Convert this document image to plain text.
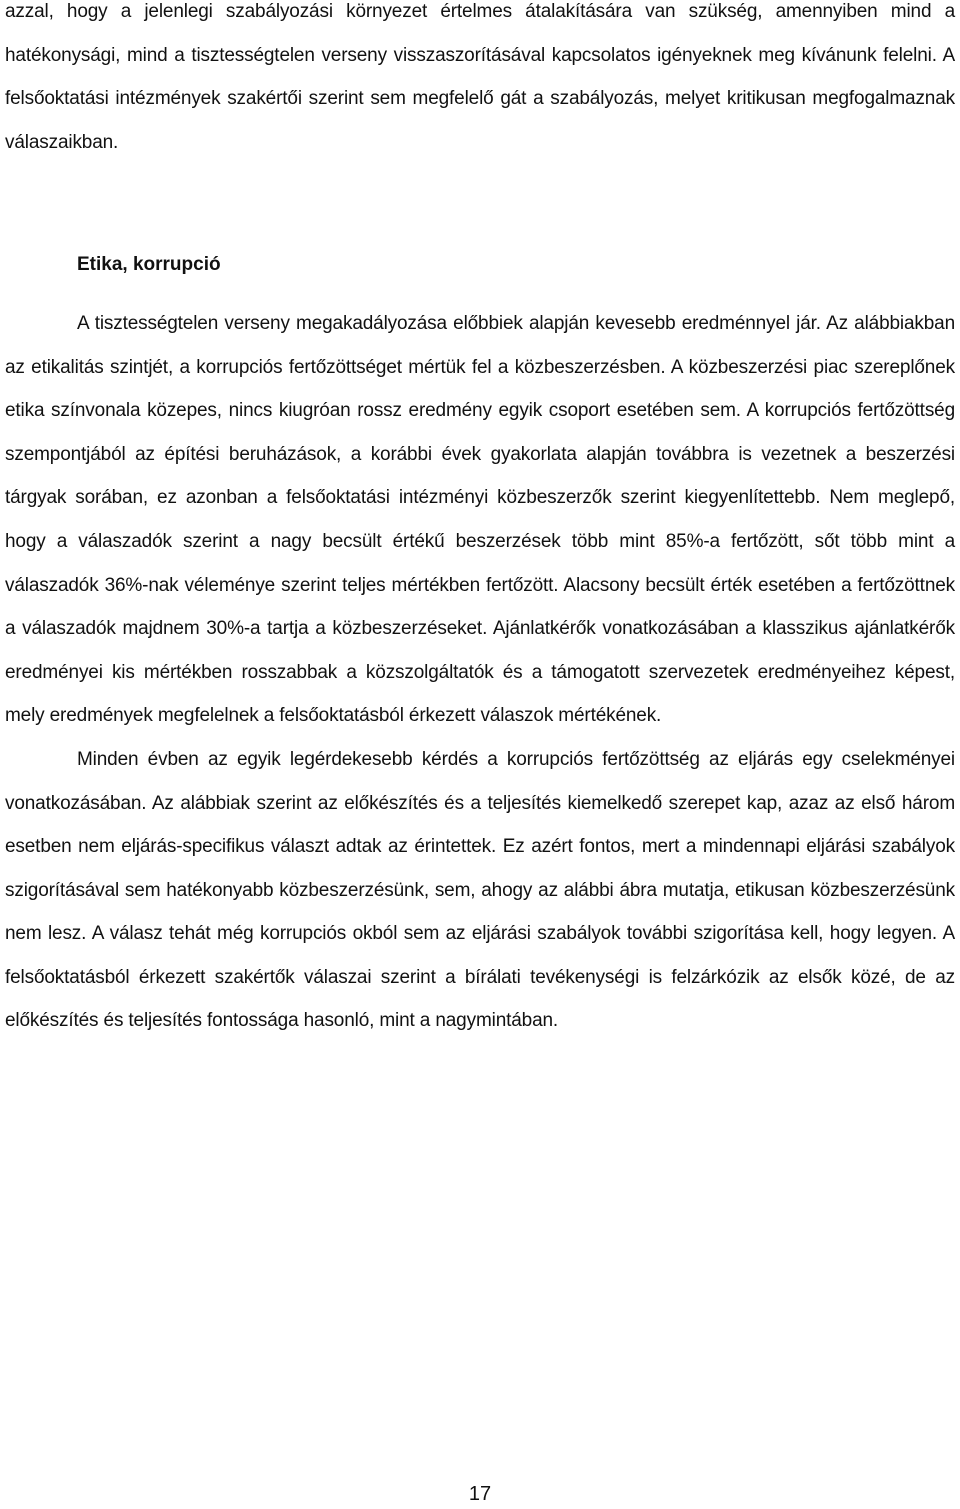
azzal, hogy a jelenlegi szabályozási környezet értelmes átalakítására van szükség, amennyiben mind a hatékonysági, mind a tisztességtelen verseny visszaszorításával kapcsolatos igényeknek meg kívánunk felelni. A felsőoktatási intézmények szakértői szerint sem megfelelő gát a szabályozás, melyet kritikusan megfogalmaznak válaszaikban.

Etika, korrupció

A tisztességtelen verseny megakadályozása előbbiek alapján kevesebb eredménnyel jár. Az alábbiakban az etikalitás szintjét, a korrupciós fertőzöttséget mértük fel a közbeszerzésben. A közbeszerzési piac szereplőnek etika színvonala közepes, nincs kiugróan rossz eredmény egyik csoport esetében sem. A korrupciós fertőzöttség szempontjából az építési beruházások, a korábbi évek gyakorlata alapján továbbra is vezetnek a beszerzési tárgyak sorában, ez azonban a felsőoktatási intézményi közbeszerzők szerint kiegyenlítettebb. Nem meglepő, hogy a válaszadók szerint a nagy becsült értékű beszerzések több mint 85%-a fertőzött, sőt több mint a válaszadók 36%-nak véleménye szerint teljes mértékben fertőzött. Alacsony becsült érték esetében a fertőzöttnek a válaszadók majdnem 30%-a tartja a közbeszerzéseket. Ajánlatkérők vonatkozásában a klasszikus ajánlatkérők eredményei kis mértékben rosszabbak a közszolgáltatók és a támogatott szervezetek eredményeihez képest, mely eredmények megfelelnek a felsőoktatásból érkezett válaszok mértékének.

Minden évben az egyik legérdekesebb kérdés a korrupciós fertőzöttség az eljárás egy cselekményei vonatkozásában. Az alábbiak szerint az előkészítés és a teljesítés kiemelkedő szerepet kap, azaz az első három esetben nem eljárás-specifikus választ adtak az érintettek. Ez azért fontos, mert a mindennapi eljárási szabályok szigorításával sem hatékonyabb közbeszerzésünk, sem, ahogy az alábbi ábra mutatja, etikusan közbeszerzésünk nem lesz. A válasz tehát még korrupciós okból sem az eljárási szabályok további szigorítása kell, hogy legyen. A felsőoktatásból érkezett szakértők válaszai szerint a bírálati tevékenységi is felzárkózik az elsők közé, de az előkészítés és teljesítés fontossága hasonló, mint a nagymintában.

17
